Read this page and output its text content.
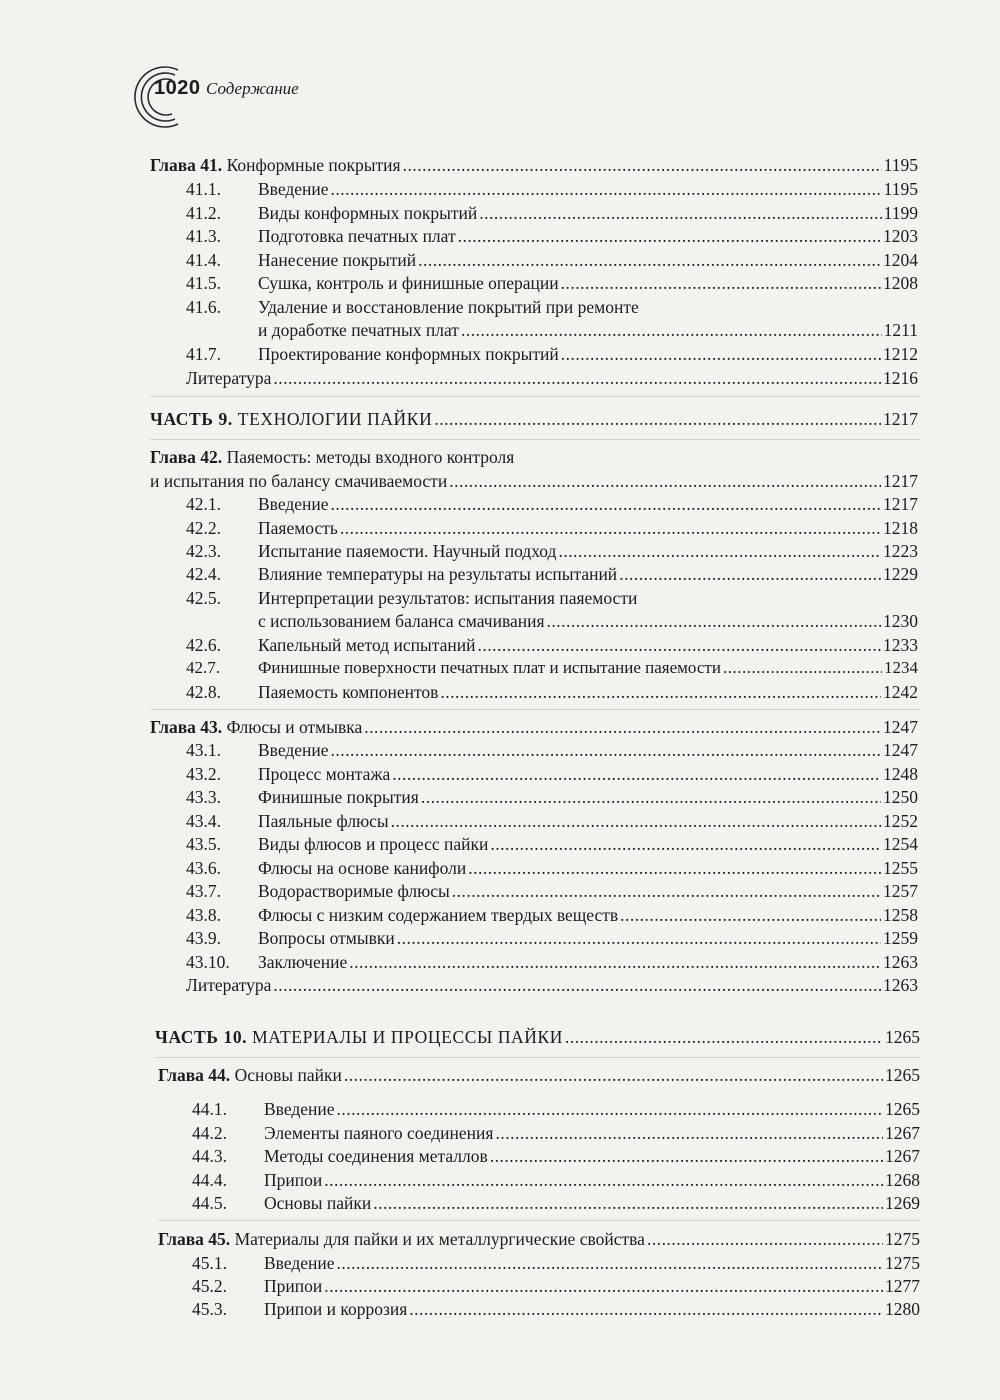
1020 Содержание
Глава 41. Конформные покрытия .....	1195
41.1. Введение .....	1195
41.2. Виды конформных покрытий .....	1199
41.3. Подготовка печатных плат .....	1203
41.4. Нанесение покрытий .....	1204
41.5. Сушка, контроль и финишные операции .....	1208
41.6. Удаление и восстановление покрытий при ремонте
и доработке печатных плат .....	1211
41.7. Проектирование конформных покрытий .....	1212
Литература .....	1216
ЧАСТЬ 9. ТЕХНОЛОГИИ ПАЙКИ .....	1217
Глава 42. Паяемость: методы входного контроля
и испытания по балансу смачиваемости .....	1217
42.1. Введение .....	1217
42.2. Паяемость .....	1218
42.3. Испытание паяемости. Научный подход .....	1223
42.4. Влияние температуры на результаты испытаний .....	1229
42.5. Интерпретации результатов: испытания паяемости
с использованием баланса смачивания .....	1230
42.6. Капельный метод испытаний .....	1233
42.7. Финишные поверхности печатных плат и испытание паяемости .....	1234
42.8. Паяемость компонентов .....	1242
Глава 43. Флюсы и отмывка .....	1247
43.1. Введение .....	1247
43.2. Процесс монтажа .....	1248
43.3. Финишные покрытия .....	1250
43.4. Паяльные флюсы .....	1252
43.5. Виды флюсов и процесс пайки .....	1254
43.6. Флюсы на основе канифоли .....	1255
43.7. Водорастворимые флюсы .....	1257
43.8. Флюсы с низким содержанием твердых веществ .....	1258
43.9. Вопросы отмывки .....	1259
43.10. Заключение .....	1263
Литература .....	1263
ЧАСТЬ 10. МАТЕРИАЛЫ И ПРОЦЕССЫ ПАЙКИ .....	1265
Глава 44. Основы пайки .....	1265
44.1. Введение .....	1265
44.2. Элементы паяного соединения .....	1267
44.3. Методы соединения металлов .....	1267
44.4. Припои .....	1268
44.5. Основы пайки .....	1269
Глава 45. Материалы для пайки и их металлургические свойства .....	1275
45.1. Введение .....	1275
45.2. Припои .....	1277
45.3. Припои и коррозия .....	1280
